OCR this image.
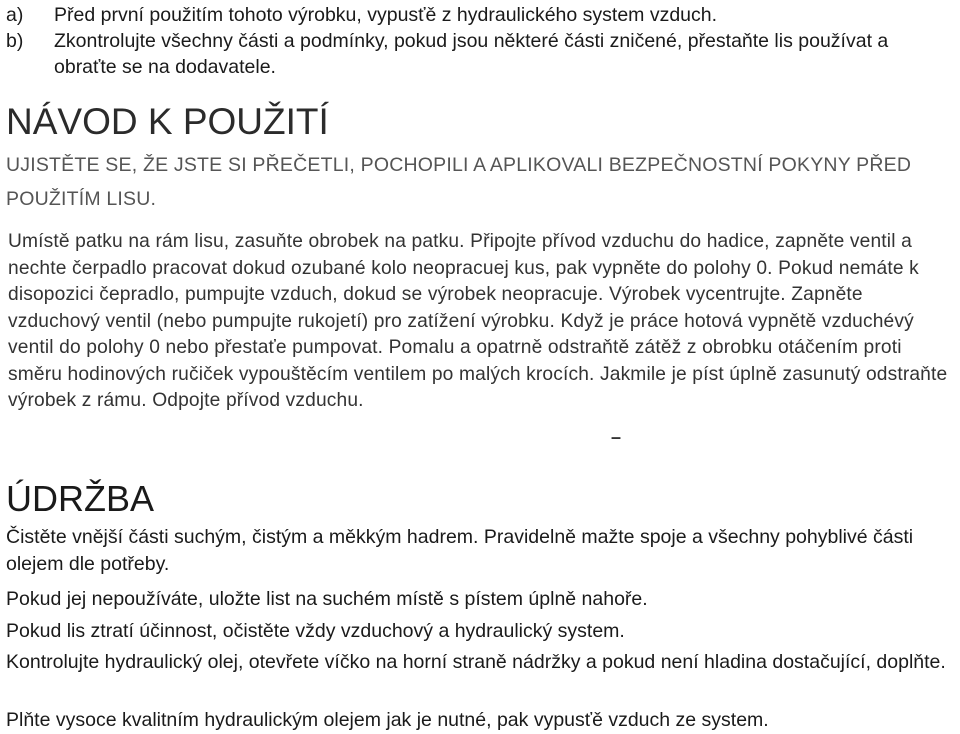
a)	Před první použitím tohoto výrobku, vypusťě z hydraulického system vzduch.
b)	Zkontrolujte všechny části a podmínky, pokud jsou některé části zničené, přestaňte lis používat a obraťte se na dodavatele.
NÁVOD K POUŽITÍ

UJISTĚTE SE, ŽE JSTE SI PŘEČETLI, POCHOPILI A APLIKOVALI BEZPEČNOSTNÍ POKYNY PŘED POUŽITÍM LISU.

Umístě patku na rám lisu, zasuňte obrobek na patku. Připojte přívod vzduchu do hadice, zapněte ventil a nechte čerpadlo pracovat dokud ozubané kolo neopracuej kus, pak vypněte do polohy 0. Pokud nemáte k disopozici čepradlo, pumpujte vzduch, dokud se výrobek neopracuje. Výrobek vycentrujte. Zapněte vzduchový ventil (nebo pumpujte rukojetí) pro zatížení výrobku. Když je práce hotová vypnětě vzduchévý ventil do polohy 0 nebo přestaťe pumpovat. Pomalu a opatrně odstraňtě zátěž z obrobku otáčením proti směru hodinových ručiček vypouštěcím ventilem po malých krocích. Jakmile je píst úplně zasunutý odstraňte výrobek z rámu. Odpojte přívod vzduchu.

–
ÚDRŽBA

Čistěte vnější části suchým, čistým a měkkým hadrem. Pravidelně mažte spoje a všechny pohyblivé části olejem dle potřeby.

Pokud jej nepoužíváte, uložte list na suchém místě s pístem úplně nahoře.

Pokud lis ztratí účinnost, očistěte vždy vzduchový a hydraulický system.

Kontrolujte hydraulický olej, otevřete víčko na horní straně nádržky a pokud není hladina dostačující, doplňte.

Plňte vysoce kvalitním hydraulickým olejem jak je nutné, pak vypusťě vzduch ze system.
